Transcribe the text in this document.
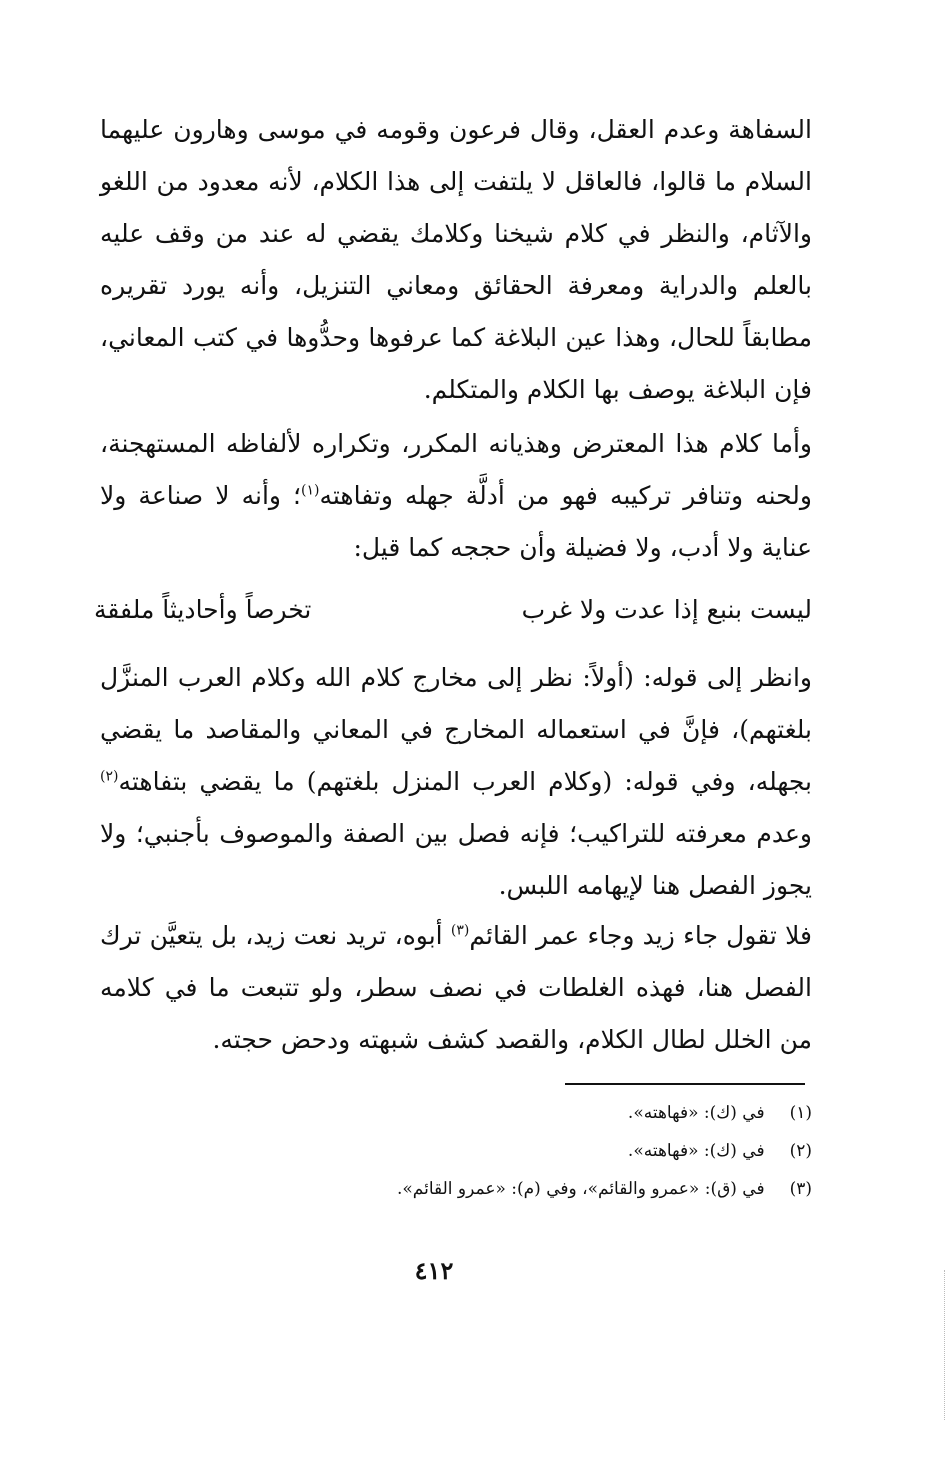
السفاهة وعدم العقل، وقال فرعون وقومه في موسى وهارون عليهما السلام ما قالوا، فالعاقل لا يلتفت إلى هذا الكلام، لأنه معدود من اللغو والآثام، والنظر في كلام شيخنا وكلامك يقضي له عند من وقف عليه بالعلم والدراية ومعرفة الحقائق ومعاني التنزيل، وأنه يورد تقريره مطابقاً للحال، وهذا عين البلاغة كما عرفوها وحدُّوها في كتب المعاني، فإن البلاغة يوصف بها الكلام والمتكلم.

وأما كلام هذا المعترض وهذيانه المكرر، وتكراره لألفاظه المستهجنة، ولحنه وتنافر تركيبه فهو من أدلَّة جهله وتفاهته$^{(١)}$؛ وأنه لا صناعة ولا عناية ولا أدب، ولا فضيلة وأن حججه كما قيل:

ليست بنبع إذا عدت ولا غرب
تخرصاً وأحاديثاً ملفقة

وانظر إلى قوله: (أولاً: نظر إلى مخارج كلام الله وكلام العرب المنزَّل بلغتهم)، فإنَّ في استعماله المخارج في المعاني والمقاصد ما يقضي بجهله، وفي قوله: (وكلام العرب المنزل بلغتهم) ما يقضي بتفاهته$^{(٢)}$ وعدم معرفته للتراكيب؛ فإنه فصل بين الصفة والموصوف بأجنبي؛ ولا يجوز الفصل هنا لإيهامه اللبس.

فلا تقول جاء زيد وجاء عمر القائم$^{(٣)}$ أبوه، تريد نعت زيد، بل يتعيَّن ترك الفصل هنا، فهذه الغلطات في نصف سطر، ولو تتبعت ما في كلامه من الخلل لطال الكلام، والقصد كشف شبهته ودحض حجته.

(١) في (ك): «فهاهته».
(٢) في (ك): «فهاهته».
(٣) في (ق): «عمرو والقائم»، وفي (م): «عمرو القائم».
٤١٢
